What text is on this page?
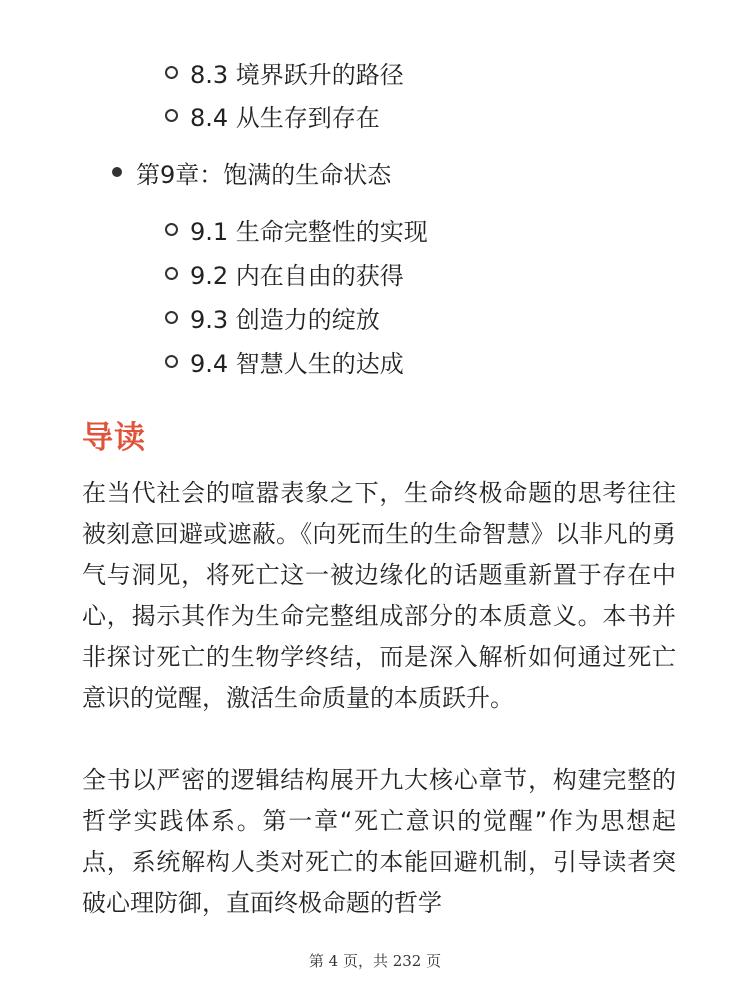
8.3 境界跃升的路径
8.4 从生存到存在
第9章：饱满的生命状态
9.1 生命完整性的实现
9.2 内在自由的获得
9.3 创造力的绽放
9.4 智慧人生的达成
导读

在当代社会的喧嚣表象之下，生命终极命题的思考往往被刻意回避或遮蔽。《向死而生的生命智慧》以非凡的勇气与洞见，将死亡这一被边缘化的话题重新置于存在中心，揭示其作为生命完整组成部分的本质意义。本书并非探讨死亡的生物学终结，而是深入解析如何通过死亡意识的觉醒，激活生命质量的本质跃升。

全书以严密的逻辑结构展开九大核心章节，构建完整的哲学实践体系。第一章“死亡意识的觉醒”作为思想起点，系统解构人类对死亡的本能回避机制，引导读者突破心理防御，直面终极命题的哲学

第 4 页，共 232 页
